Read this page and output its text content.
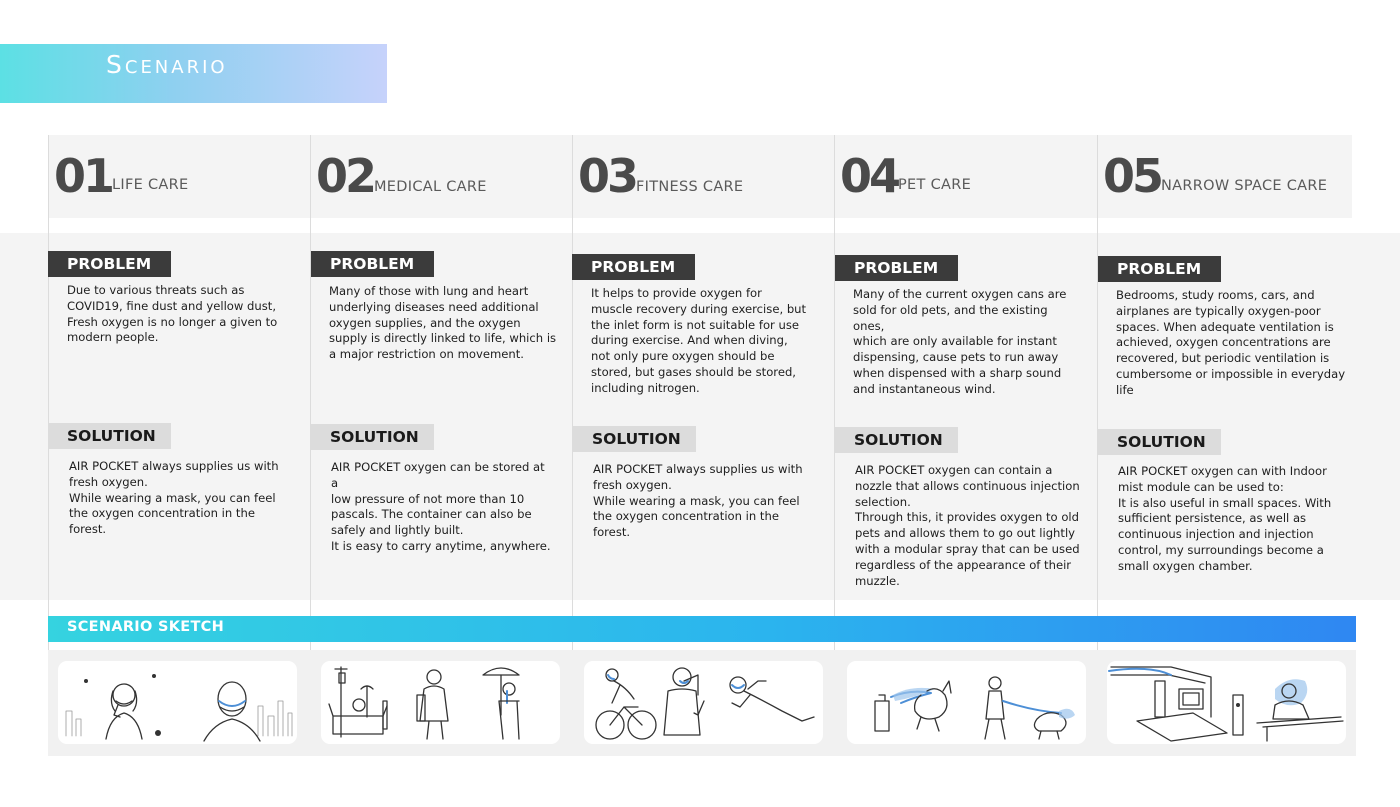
Scenario
01 LIFE CARE
PROBLEM
Due to various threats such as
COVID19, fine dust and yellow dust,
Fresh oxygen is no longer a given to
modern people.
SOLUTION
AIR POCKET always supplies us with
fresh oxygen.
While wearing a mask, you can feel
the oxygen concentration in the
forest.
02 MEDICAL CARE
PROBLEM
Many of those with lung and heart
underlying diseases need additional
oxygen supplies, and the oxygen
supply is directly linked to life, which is
a major restriction on movement.
SOLUTION
AIR POCKET oxygen can be stored at a
low pressure of not more than 10
pascals. The container can also be
safely and lightly built.
It is easy to carry anytime, anywhere.
03 FITNESS CARE
PROBLEM
It helps to provide oxygen for
muscle recovery during exercise, but
the inlet form is not suitable for use
during exercise. And when diving,
not only pure oxygen should be
stored, but gases should be stored,
including nitrogen.
SOLUTION
AIR POCKET always supplies us with
fresh oxygen.
While wearing a mask, you can feel
the oxygen concentration in the
forest.
04 PET CARE
PROBLEM
Many of the current oxygen cans are
sold for old pets, and the existing ones,
which are only available for instant
dispensing, cause pets to run away
when dispensed with a sharp sound
and instantaneous wind.
SOLUTION
AIR POCKET oxygen can contain a
nozzle that allows continuous injection
selection.
Through this, it provides oxygen to old
pets and allows them to go out lightly
with a modular spray that can be used
regardless of the appearance of their
muzzle.
05 NARROW SPACE CARE
PROBLEM
Bedrooms, study rooms, cars, and
airplanes are typically oxygen-poor
spaces. When adequate ventilation is
achieved, oxygen concentrations are
recovered, but periodic ventilation is
cumbersome or impossible in everyday
life
SOLUTION
AIR POCKET oxygen can with Indoor
mist module can be used to:
It is also useful in small spaces. With
sufficient persistence, as well as
continuous injection and injection
control, my surroundings become a
small oxygen chamber.
SCENARIO SKETCH
